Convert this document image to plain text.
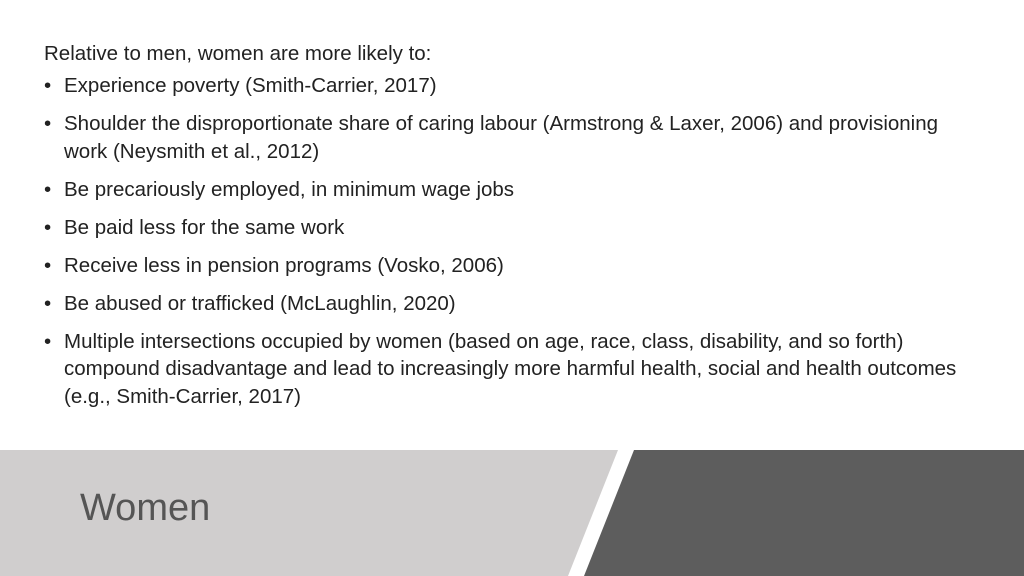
Relative to men, women are more likely to:

• Experience poverty (Smith-Carrier, 2017)
• Shoulder the disproportionate share of caring labour (Armstrong & Laxer, 2006) and provisioning work (Neysmith et al., 2012)
• Be precariously employed, in minimum wage jobs
• Be paid less for the same work
• Receive less in pension programs (Vosko, 2006)
• Be abused or trafficked (McLaughlin, 2020)
• Multiple intersections occupied by women (based on age, race, class, disability, and so forth) compound disadvantage and lead to increasingly more harmful health, social and health outcomes (e.g., Smith-Carrier, 2017)
Women
